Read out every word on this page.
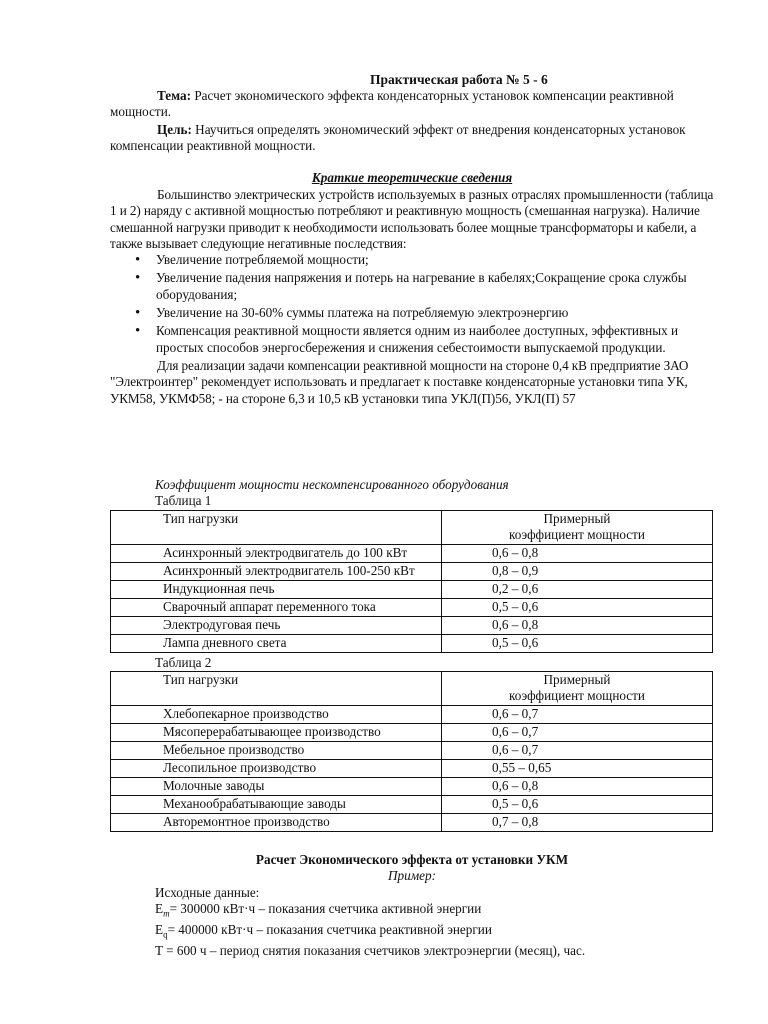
Практическая работа № 5 - 6

Тема: Расчет экономического эффекта конденсаторных установок компенсации реактивной мощности.

Цель: Научиться определять экономический эффект от внедрения конденсаторных установок компенсации реактивной мощности.

Краткие теоретические сведения

Большинство электрических устройств используемых в разных отраслях промышленности (таблица 1 и 2) наряду с активной мощностью потребляют и реактивную мощность (смешанная нагрузка). Наличие смешанной нагрузки приводит к необходимости использовать более мощные трансформаторы и кабели, а также вызывает следующие негативные последствия:

• Увеличение потребляемой мощности;
• Увеличение падения напряжения и потерь на нагревание в кабелях;Сокращение срока службы оборудования;
• Увеличение на 30-60% суммы платежа на потребляемую электроэнергию
• Компенсация реактивной мощности является одним из наиболее доступных, эффективных и простых способов энергосбережения и снижения себестоимости выпускаемой продукции.

Для реализации задачи компенсации реактивной мощности на стороне 0,4 кВ предприятие ЗАО "Электроинтер" рекомендует использовать и предлагает к поставке конденсаторные установки типа УК, УКМ58, УКМФ58; - на стороне 6,3 и 10,5 кВ установки типа УКЛ(П)56, УКЛ(П) 57

Коэффициент мощности нескомпенсированного оборудования
Таблица 1
Тип нагрузки	Примерный
коэффициент мощности
Асинхронный электродвигатель до 100 кВт	0,6 – 0,8
Асинхронный электродвигатель 100-250 кВт	0,8 – 0,9
Индукционная печь	0,2 – 0,6
Сварочный аппарат переменного тока	0,5 – 0,6
Электродуговая печь	0,6 – 0,8
Лампа дневного света	0,5 – 0,6
Таблица 2
Тип нагрузки	Примерный
коэффициент мощности
Хлебопекарное производство	0,6 – 0,7
Мясоперерабатывающее производство	0,6 – 0,7
Мебельное производство	0,6 – 0,7
Лесопильное производство	0,55 – 0,65
Молочные заводы	0,6 – 0,8
Механообрабатывающие заводы	0,5 – 0,6
Авторемонтное производство	0,7 – 0,8
Расчет Экономического эффекта от установки УКМ
Пример:
Исходные данные:
$E_m= 300000$ кВт·ч – показания счетчика активной энергии
$E_q= 400000$ кВт·ч – показания счетчика реактивной энергии
T = 600 ч – период снятия показания счетчиков электроэнергии (месяц), час.
